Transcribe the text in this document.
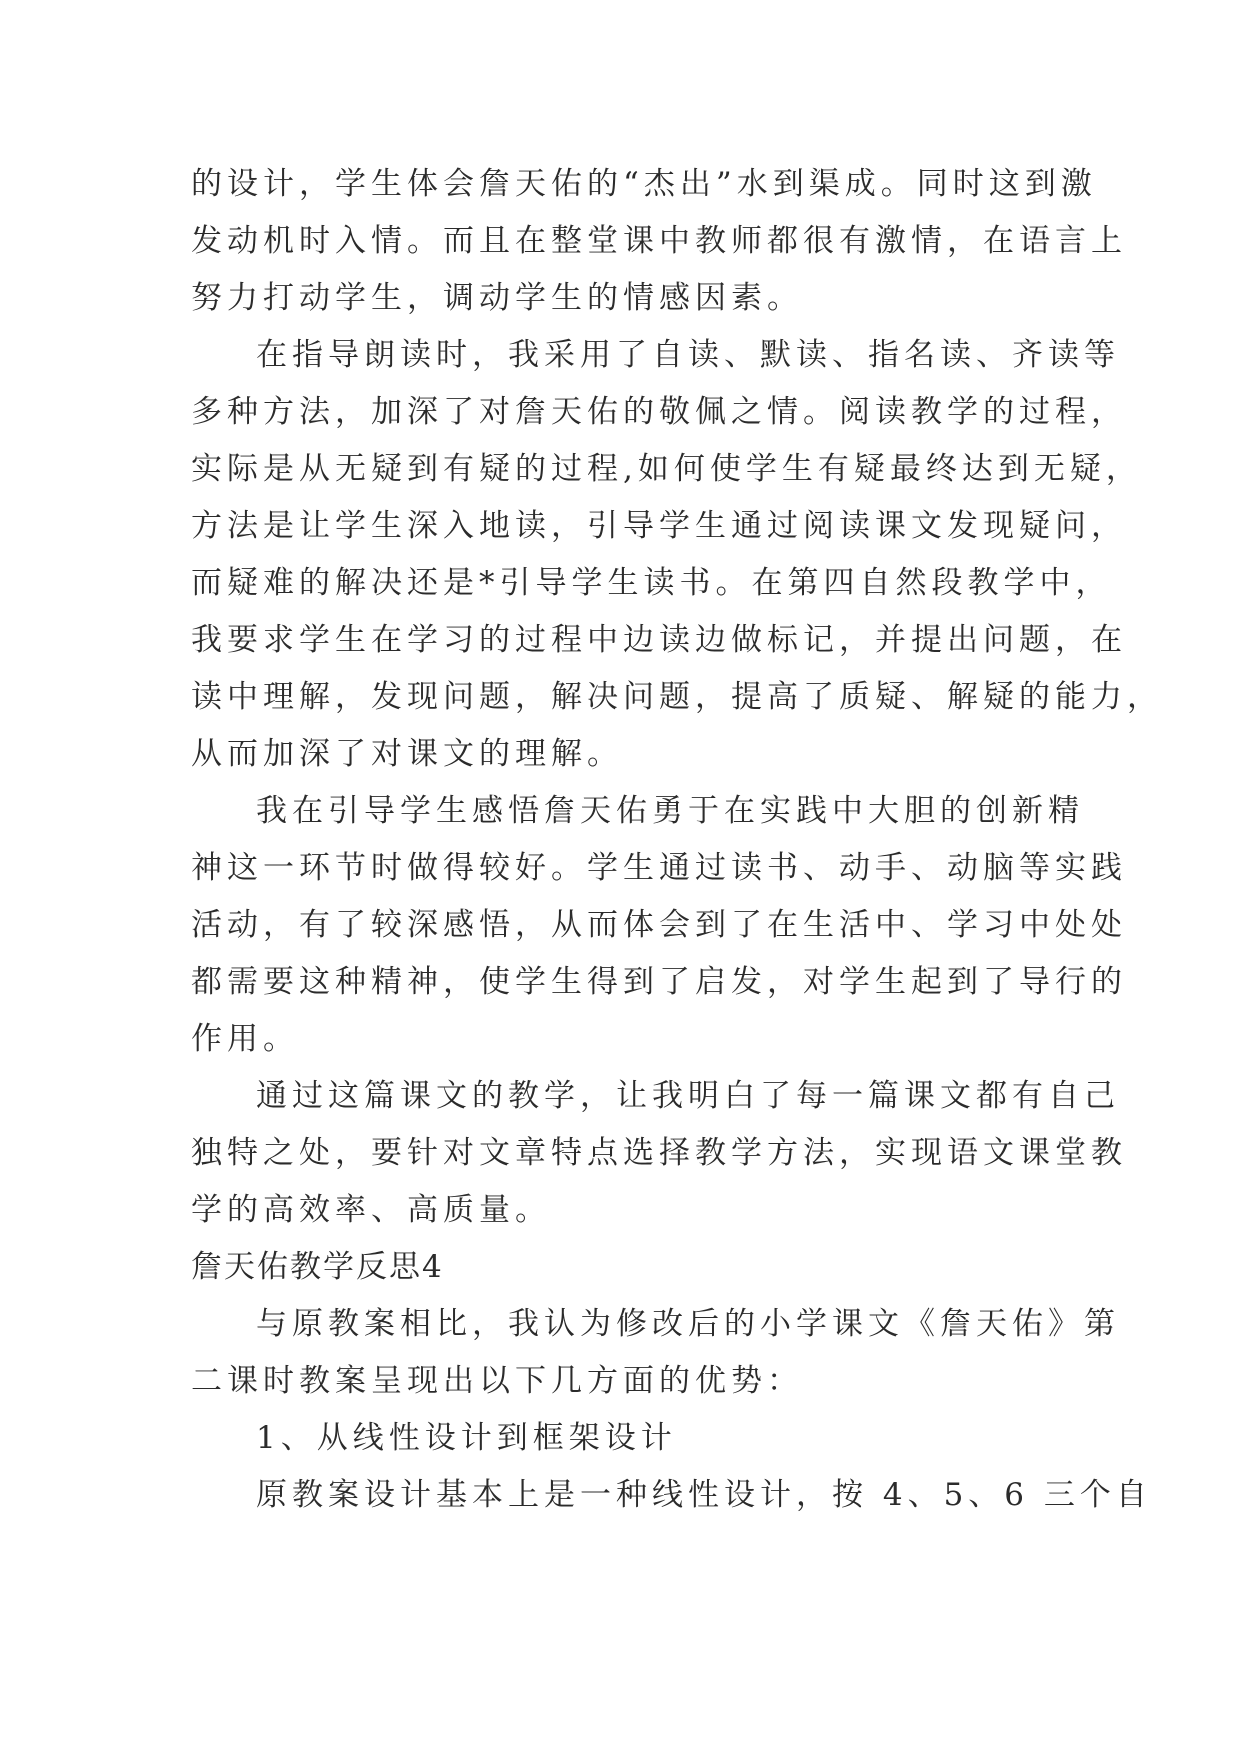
的设计，学生体会詹天佑的“杰出”水到渠成。同时这到激
发动机时入情。而且在整堂课中教师都很有激情，在语言上
努力打动学生，调动学生的情感因素。
在指导朗读时，我采用了自读、默读、指名读、齐读等
多种方法，加深了对詹天佑的敬佩之情。阅读教学的过程，
实际是从无疑到有疑的过程,如何使学生有疑最终达到无疑，
方法是让学生深入地读，引导学生通过阅读课文发现疑问，
而疑难的解决还是*引导学生读书。在第四自然段教学中，
我要求学生在学习的过程中边读边做标记，并提出问题，在
读中理解，发现问题，解决问题，提高了质疑、解疑的能力，
从而加深了对课文的理解。
我在引导学生感悟詹天佑勇于在实践中大胆的创新精
神这一环节时做得较好。学生通过读书、动手、动脑等实践
活动，有了较深感悟，从而体会到了在生活中、学习中处处
都需要这种精神，使学生得到了启发，对学生起到了导行的
作用。
通过这篇课文的教学，让我明白了每一篇课文都有自己
独特之处，要针对文章特点选择教学方法，实现语文课堂教
学的高效率、高质量。
詹天佑教学反思4
与原教案相比，我认为修改后的小学课文《詹天佑》第
二课时教案呈现出以下几方面的优势：
1、从线性设计到框架设计
原教案设计基本上是一种线性设计，按 4、5、6 三个自
